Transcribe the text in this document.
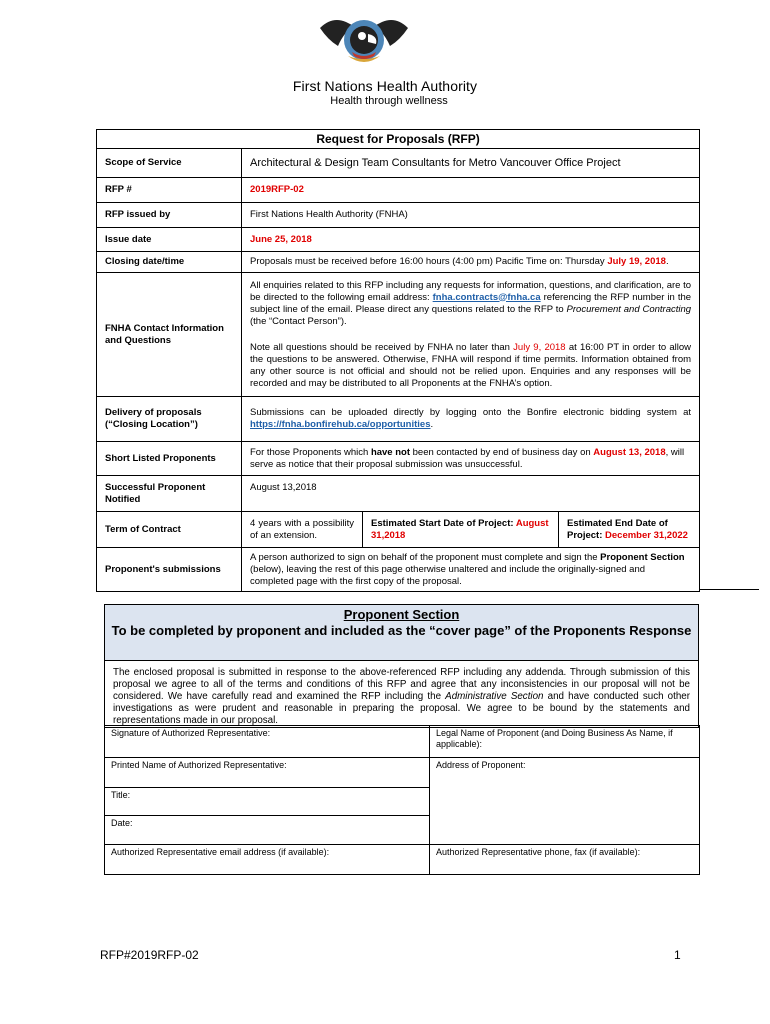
First Nations Health Authority
Health through wellness
Request for Proposals (RFP)			
Scope of Service	Architectural & Design Team Consultants for Metro Vancouver Office Project		
RFP #	2019RFP-02		
RFP issued by	First Nations Health Authority (FNHA)		
Issue date	June 25, 2018		
Closing date/time	Proposals must be received before 16:00 hours (4:00 pm) Pacific Time on: Thursday July 19, 2018.		
FNHA Contact Information and Questions	All enquiries related to this RFP including any requests for information, questions, and clarification, are to be directed to the following email address: fnha.contracts@fnha.ca referencing the RFP number in the subject line of the email. Please direct any questions related to the RFP to Procurement and Contracting (the “Contact Person”).
Note all questions should be received by FNHA no later than July 9, 2018 at 16:00 PT in order to allow the questions to be answered. Otherwise, FNHA will respond if time permits. Information obtained from any other source is not official and should not be relied upon. Enquiries and any responses will be recorded and may be distributed to all Proponents at the FNHA’s option.		

Delivery of proposals (“Closing Location”)	Submissions can be uploaded directly by logging onto the Bonfire electronic bidding system at https://fnha.bonfirehub.ca/opportunities.		
Short Listed Proponents	For those Proponents which have not been contacted by end of business day on August 13, 2018, will serve as notice that their proposal submission was unsuccessful.		
Successful Proponent Notified	August 13,2018		
Term of Contract	4 years with a possibility of an extension.	Estimated Start Date of Project: August 31,2018	Estimated End Date of Project: December 31,2022
Proponent's submissions	A person authorized to sign on behalf of the proponent must complete and sign the Proponent Section (below), leaving the rest of this page otherwise unaltered and include the originally-signed and completed page with the first copy of the proposal.		
Proponent Section
To be completed by proponent and included as the “cover page” of the Proponents Response
The enclosed proposal is submitted in response to the above-referenced RFP including any addenda. Through submission of this proposal we agree to all of the terms and conditions of this RFP and agree that any inconsistencies in our proposal will not be considered. We have carefully read and examined the RFP including the Administrative Section and have conducted such other investigations as were prudent and reasonable in preparing the proposal. We agree to be bound by the statements and representations made in our proposal.
Signature of Authorized Representative:	Legal Name of Proponent (and Doing Business As Name, if applicable):
Printed Name of Authorized Representative:	Address of Proponent:
Title:	
Date:	
Authorized Representative email address (if available):	Authorized Representative phone, fax (if available):
RFP#2019RFP-02	1
